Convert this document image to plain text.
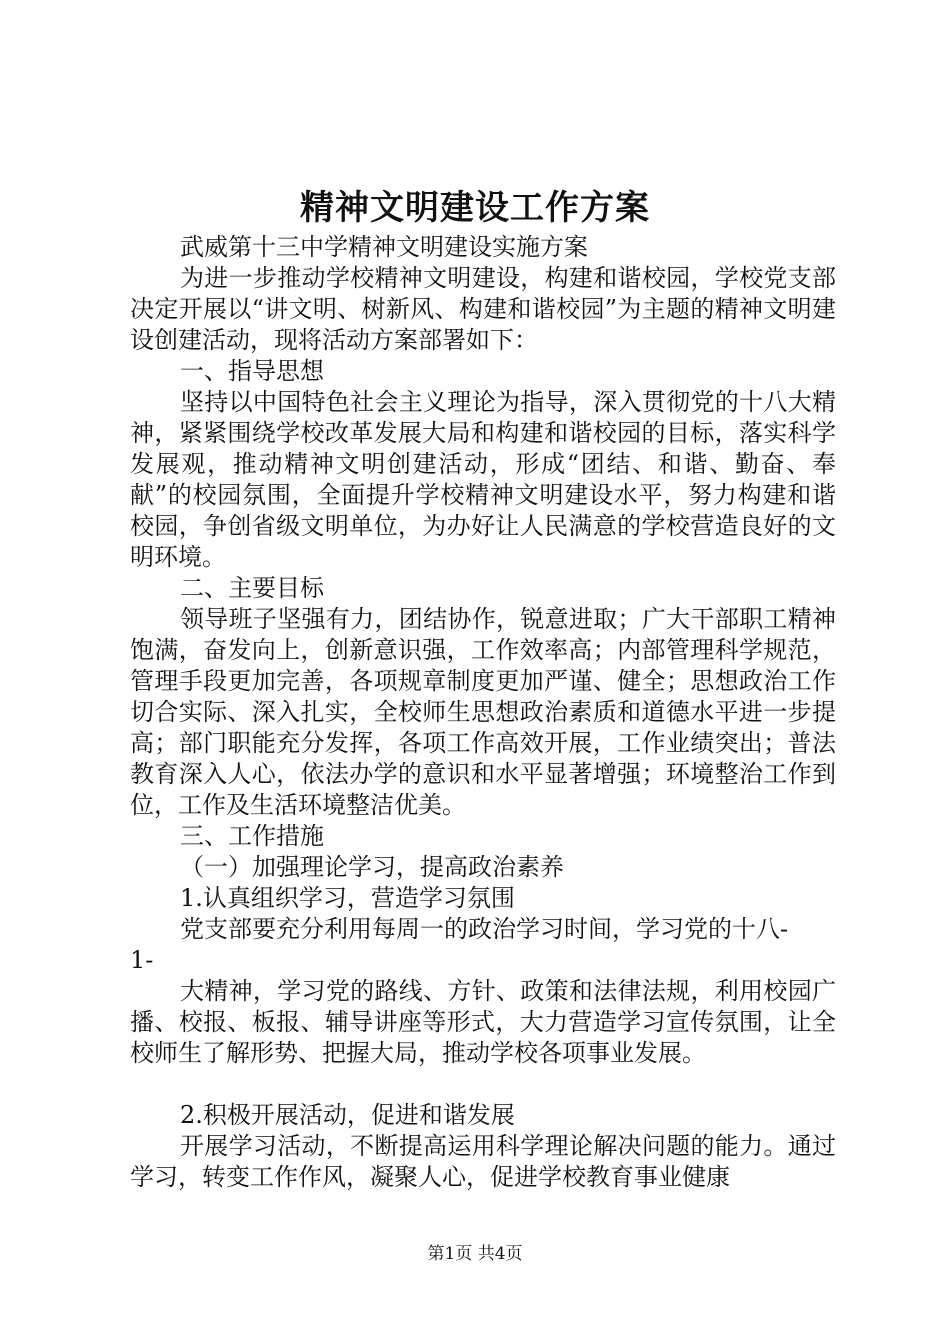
精神文明建设工作方案

武威第十三中学精神文明建设实施方案

为进一步推动学校精神文明建设，构建和谐校园，学校党支部决定开展以“讲文明、树新风、构建和谐校园”为主题的精神文明建设创建活动，现将活动方案部署如下：

一、指导思想

坚持以中国特色社会主义理论为指导，深入贯彻党的十八大精神，紧紧围绕学校改革发展大局和构建和谐校园的目标，落实科学发展观，推动精神文明创建活动，形成“团结、和谐、勤奋、奉献”的校园氛围，全面提升学校精神文明建设水平，努力构建和谐校园，争创省级文明单位，为办好让人民满意的学校营造良好的文明环境。

二、主要目标

领导班子坚强有力，团结协作，锐意进取；广大干部职工精神饱满，奋发向上，创新意识强，工作效率高；内部管理科学规范，管理手段更加完善，各项规章制度更加严谨、健全；思想政治工作切合实际、深入扎实，全校师生思想政治素质和道德水平进一步提高；部门职能充分发挥，各项工作高效开展，工作业绩突出；普法教育深入人心，依法办学的意识和水平显著增强；环境整治工作到位，工作及生活环境整洁优美。

三、工作措施

（一）加强理论学习，提高政治素养

1.认真组织学习，营造学习氛围

党支部要充分利用每周一的政治学习时间，学习党的十八-

1-

大精神，学习党的路线、方针、政策和法律法规，利用校园广播、校报、板报、辅导讲座等形式，大力营造学习宣传氛围，让全校师生了解形势、把握大局，推动学校各项事业发展。

2.积极开展活动，促进和谐发展

开展学习活动，不断提高运用科学理论解决问题的能力。通过学习，转变工作作风，凝聚人心，促进学校教育事业健康

第1页 共4页
